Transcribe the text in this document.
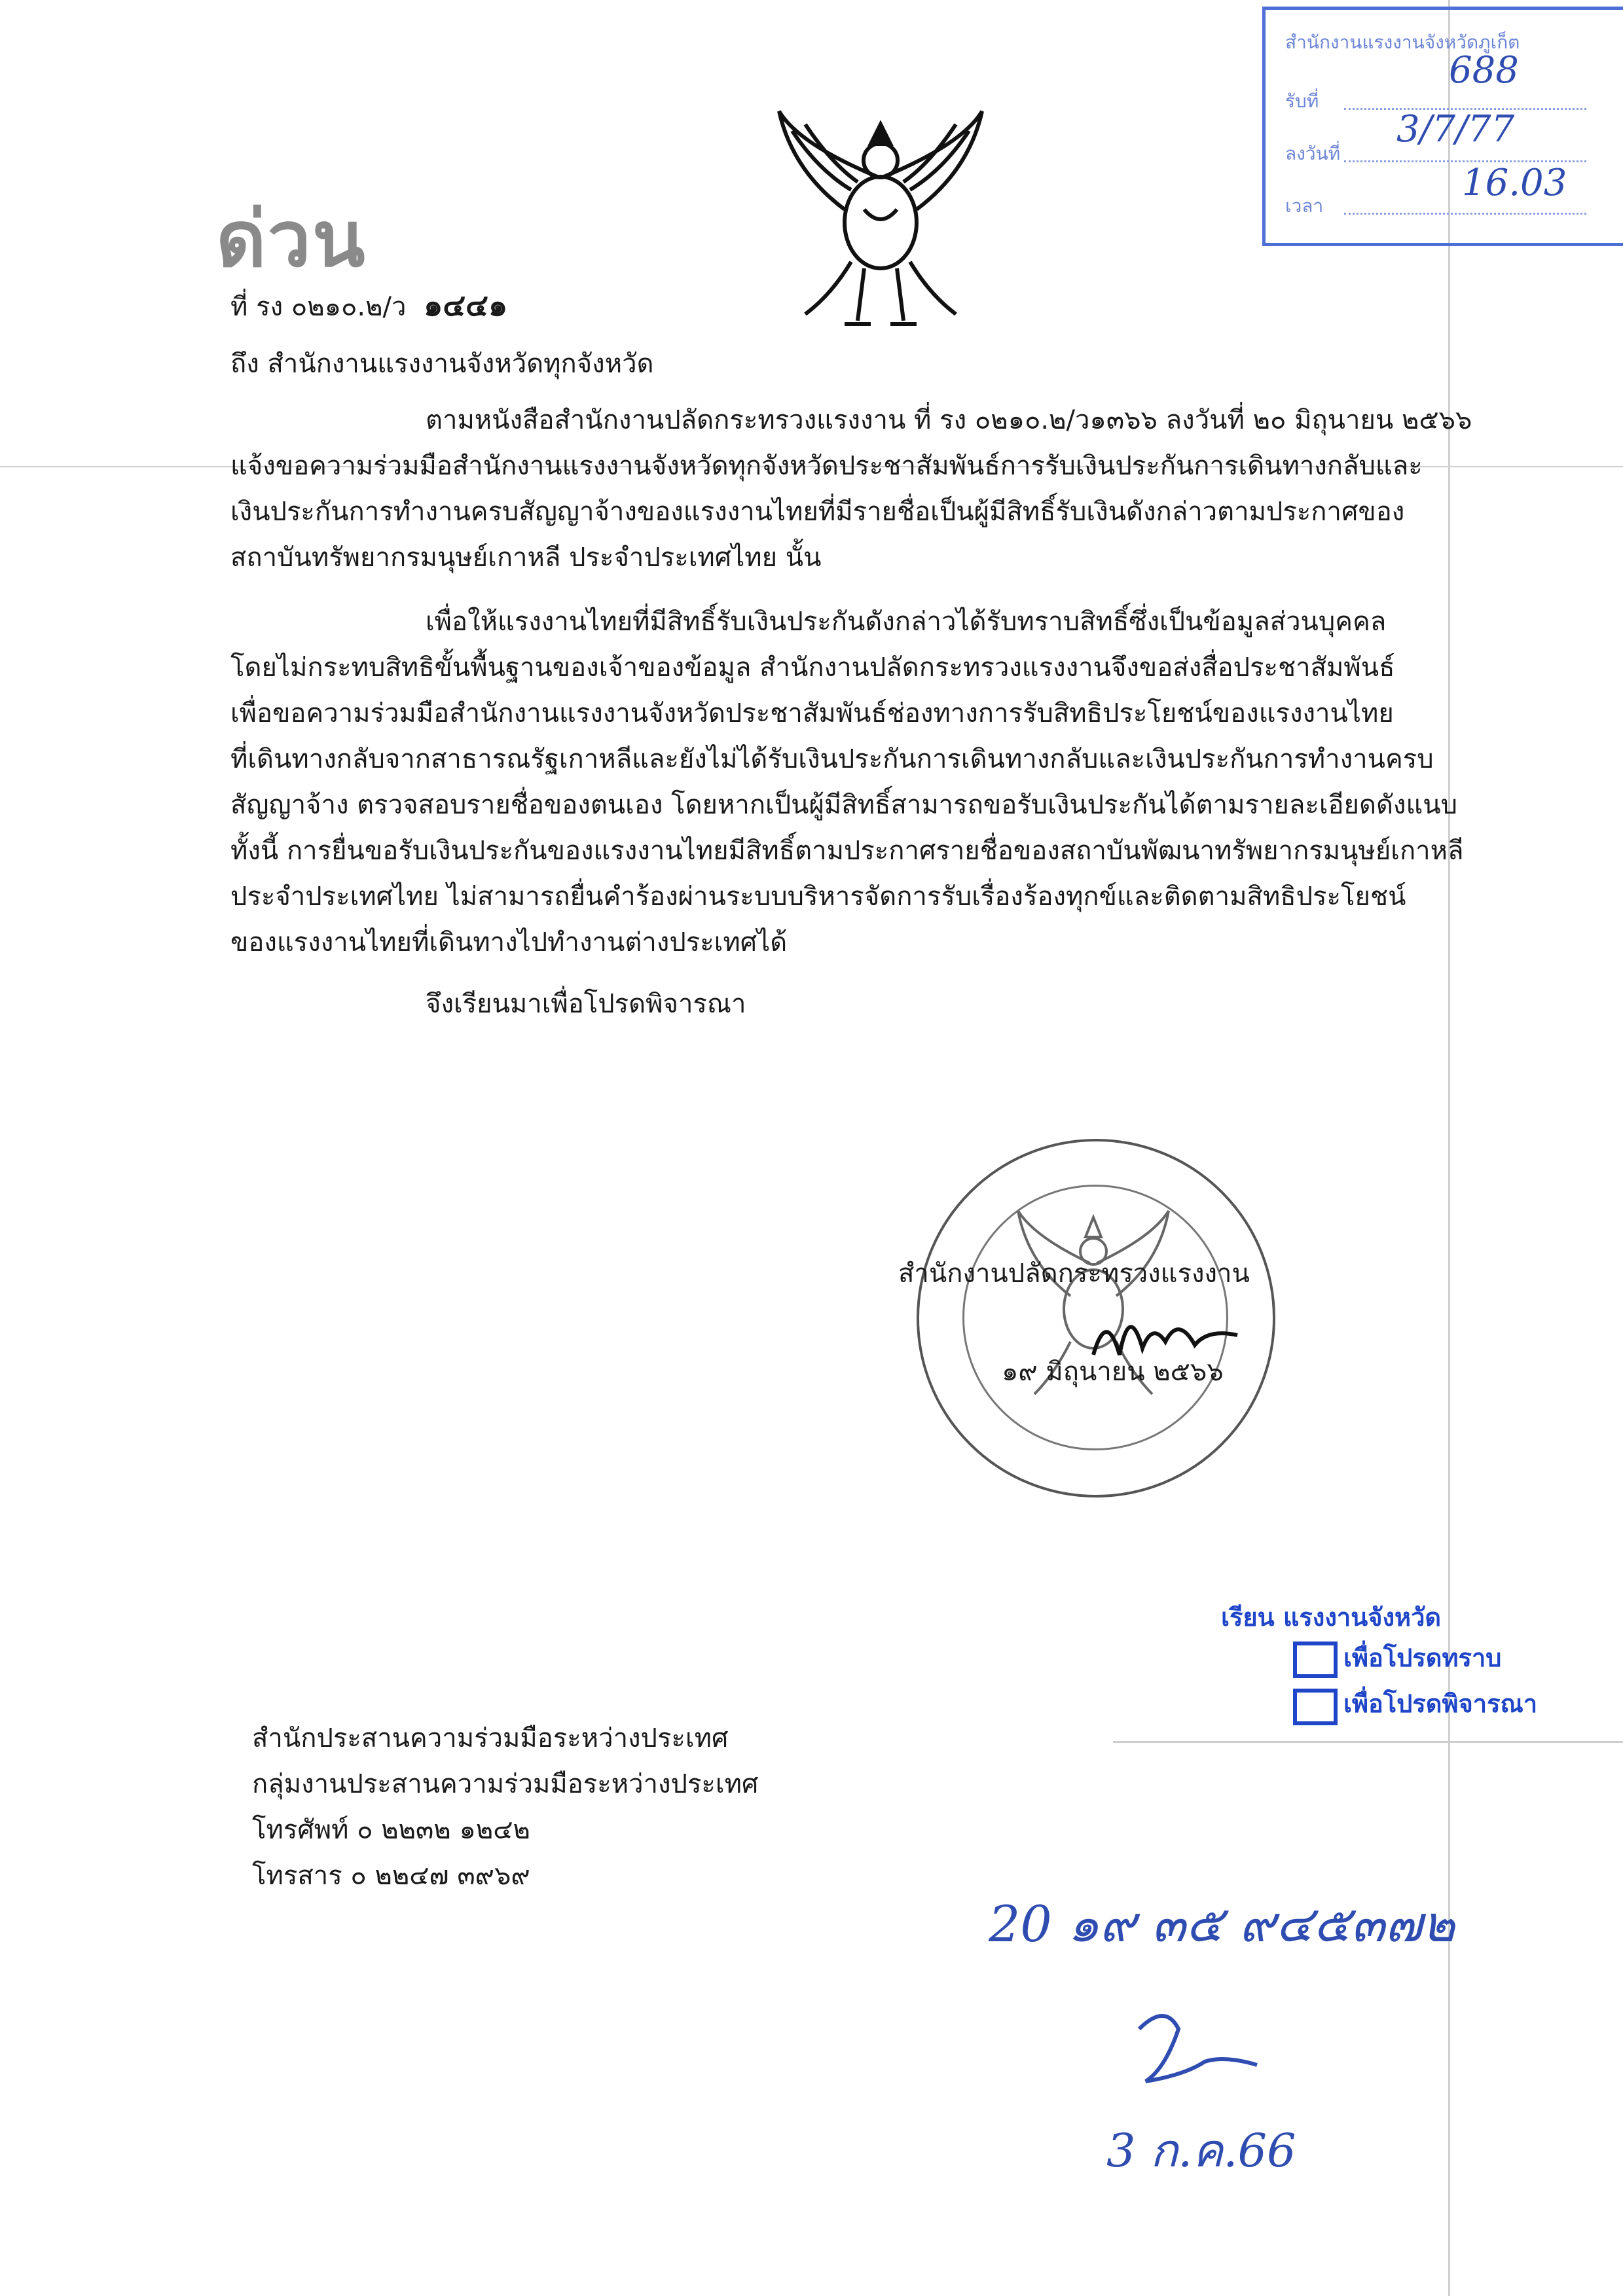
ด่วน
สำนักงานแรงงานจังหวัดภูเก็ต
รับที่
ลงวันที่
เวลา
688
3/7/77
16.03
ที่ รง ๐๒๑๐.๒/ว ๑๔๔๑
ถึง สำนักงานแรงงานจังหวัดทุกจังหวัด
ตามหนังสือสำนักงานปลัดกระทรวงแรงงาน ที่ รง ๐๒๑๐.๒/ว๑๓๖๖ ลงวันที่ ๒๐ มิถุนายน ๒๕๖๖
แจ้งขอความร่วมมือสำนักงานแรงงานจังหวัดทุกจังหวัดประชาสัมพันธ์การรับเงินประกันการเดินทางกลับและ
เงินประกันการทำงานครบสัญญาจ้างของแรงงานไทยที่มีรายชื่อเป็นผู้มีสิทธิ์รับเงินดังกล่าวตามประกาศของ
สถาบันทรัพยากรมนุษย์เกาหลี ประจำประเทศไทย นั้น
เพื่อให้แรงงานไทยที่มีสิทธิ์รับเงินประกันดังกล่าวได้รับทราบสิทธิ์ซึ่งเป็นข้อมูลส่วนบุคคล
โดยไม่กระทบสิทธิขั้นพื้นฐานของเจ้าของข้อมูล สำนักงานปลัดกระทรวงแรงงานจึงขอส่งสื่อประชาสัมพันธ์
เพื่อขอความร่วมมือสำนักงานแรงงานจังหวัดประชาสัมพันธ์ช่องทางการรับสิทธิประโยชน์ของแรงงานไทย
ที่เดินทางกลับจากสาธารณรัฐเกาหลีและยังไม่ได้รับเงินประกันการเดินทางกลับและเงินประกันการทำงานครบ
สัญญาจ้าง ตรวจสอบรายชื่อของตนเอง โดยหากเป็นผู้มีสิทธิ์สามารถขอรับเงินประกันได้ตามรายละเอียดดังแนบ
ทั้งนี้ การยื่นขอรับเงินประกันของแรงงานไทยมีสิทธิ์ตามประกาศรายชื่อของสถาบันพัฒนาทรัพยากรมนุษย์เกาหลี
ประจำประเทศไทย ไม่สามารถยื่นคำร้องผ่านระบบบริหารจัดการรับเรื่องร้องทุกข์และติดตามสิทธิประโยชน์
ของแรงงานไทยที่เดินทางไปทำงานต่างประเทศได้
จึงเรียนมาเพื่อโปรดพิจารณา
สำนักงานปลัดกระทรวงแรงงาน
๑๙ มิถุนายน ๒๕๖๖
เรียน แรงงานจังหวัด
เพื่อโปรดทราบ
เพื่อโปรดพิจารณา
สำนักประสานความร่วมมือระหว่างประเทศ
กลุ่มงานประสานความร่วมมือระหว่างประเทศ
โทรศัพท์ ๐ ๒๒๓๒ ๑๒๔๒
โทรสาร ๐ ๒๒๔๗ ๓๙๖๙
20 ๑๙ ๓๕ ๙๔๕๓๗๒
3 ก.ค.66
